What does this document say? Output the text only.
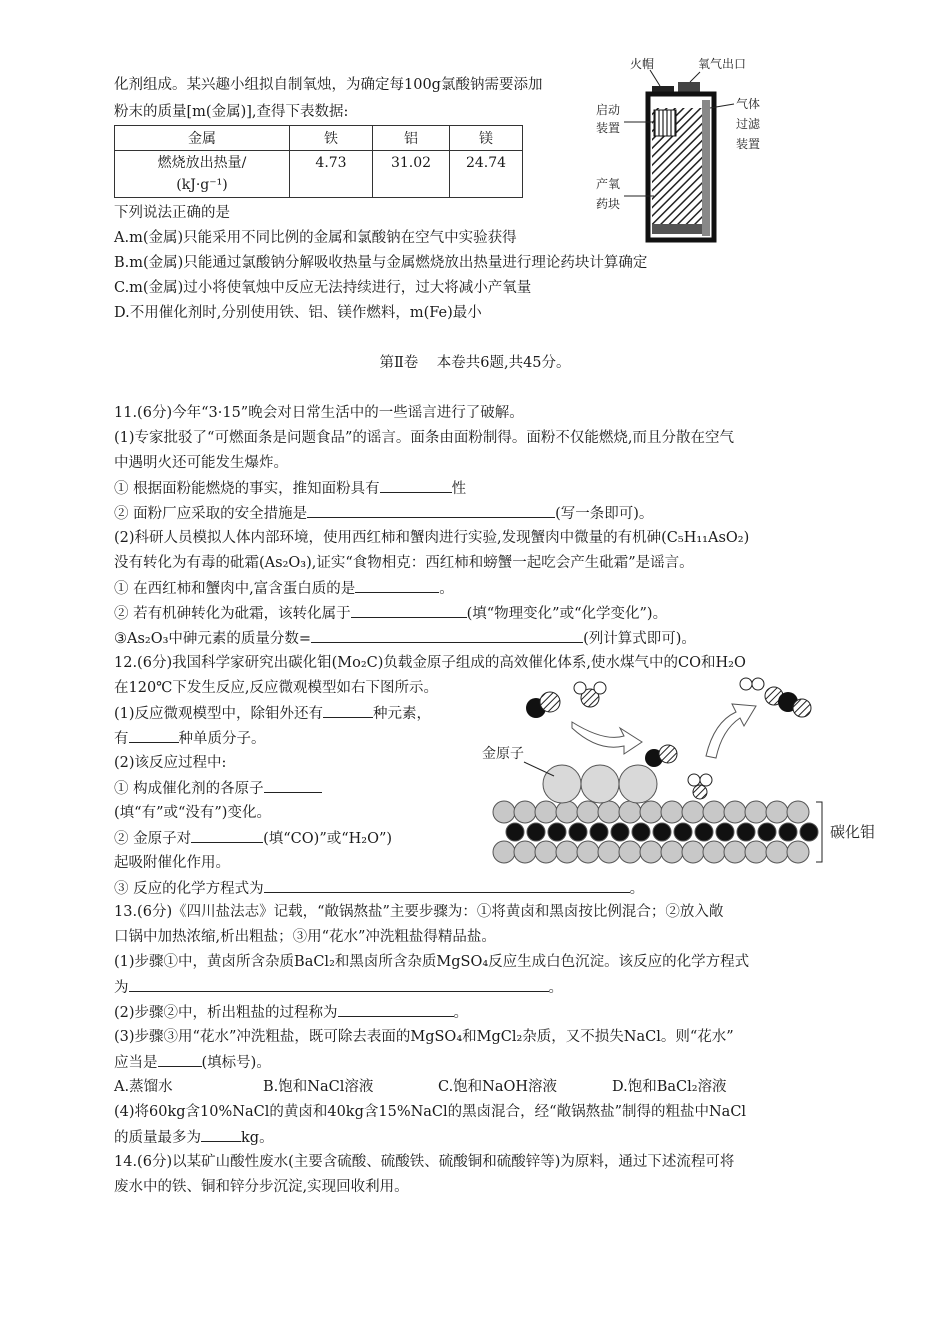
化剂组成。某兴趣小组拟自制氧烛，为确定每100g氯酸钠需要添加
粉末的质量[m(金属)],查得下表数据:
金属	铁	铝	镁
燃烧放出热量/
(kJ·g⁻¹)	4.73	31.02	24.74
下列说法正确的是
A.m(金属)只能采用不同比例的金属和氯酸钠在空气中实验获得
B.m(金属)只能通过氯酸钠分解吸收热量与金属燃烧放出热量进行理论药块计算确定
C.m(金属)过小将使氧烛中反应无法持续进行，过大将减小产氧量
D.不用催化剂时,分别使用铁、铝、镁作燃料，m(Fe)最小
火帽	氧气出口
启动
装置
气体
过滤
装置
产氧
药块
第Ⅱ卷    本卷共6题,共45分。
11.(6分)今年“3·15”晚会对日常生活中的一些谣言进行了破解。
(1)专家批驳了“可燃面条是问题食品”的谣言。面条由面粉制得。面粉不仅能燃烧,而且分散在空气
中遇明火还可能发生爆炸。
① 根据面粉能燃烧的事实，推知面粉具有	性
② 面粉厂应采取的安全措施是	(写一条即可)。
(2)科研人员模拟人体内部环境，使用西红柿和蟹肉进行实验,发现蟹肉中微量的有机砷(C₅H₁₁AsO₂)
没有转化为有毒的砒霜(As₂O₃),证实“食物相克：西红柿和螃蟹一起吃会产生砒霜”是谣言。
① 在西红柿和蟹肉中,富含蛋白质的是	。
② 若有机砷转化为砒霜，该转化属于	(填“物理变化”或“化学变化”)。
③As₂O₃中砷元素的质量分数=	(列计算式即可)。
12.(6分)我国科学家研究出碳化钼(Mo₂C)负载金原子组成的高效催化体系,使水煤气中的CO和H₂O
在120℃下发生反应,反应微观模型如右下图所示。
(1)反应微观模型中，除钼外还有	种元素，
有	种单质分子。
(2)该反应过程中:
① 构成催化剂的各原子
(填“有”或“没有”)变化。
② 金原子对	(填“CO)”或“H₂O”)
起吸附催化作用。
③ 反应的化学方程式为	。
金原子
碳化钼
13.(6分)《四川盐法志》记载，“敞锅熬盐”主要步骤为：①将黄卤和黑卤按比例混合；②放入敞
口锅中加热浓缩,析出粗盐；③用“花水”冲洗粗盐得精品盐。
(1)步骤①中，黄卤所含杂质BaCl₂和黑卤所含杂质MgSO₄反应生成白色沉淀。该反应的化学方程式
为	。
(2)步骤②中，析出粗盐的过程称为	。
(3)步骤③用“花水”冲洗粗盐，既可除去表面的MgSO₄和MgCl₂杂质，又不损失NaCl。则“花水”
应当是	(填标号)。
A.蒸馏水	B.饱和NaCl溶液	C.饱和NaOH溶液	D.饱和BaCl₂溶液
(4)将60kg含10%NaCl的黄卤和40kg含15%NaCl的黑卤混合，经“敞锅熬盐”制得的粗盐中NaCl
的质量最多为	kg。
14.(6分)以某矿山酸性废水(主要含硫酸、硫酸铁、硫酸铜和硫酸锌等)为原料，通过下述流程可将
废水中的铁、铜和锌分步沉淀,实现回收利用。
